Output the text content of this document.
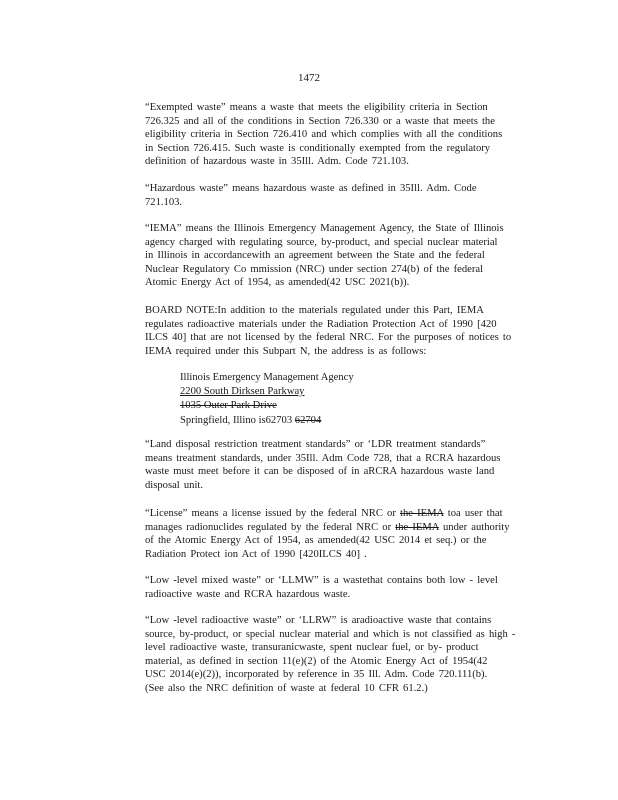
1472
“Exempted waste” means a waste that meets the eligibility criteria in Section
726.325 and all of the conditions in Section 726.330 or a waste that meets the
eligibility criteria in Section 726.410 and which complies with all the conditions
in Section 726.415. Such waste is conditionally exempted from the regulatory
definition of hazardous waste in 35Ill. Adm. Code 721.103.
“Hazardous waste” means hazardous waste as defined in 35Ill. Adm. Code
721.103.
“IEMA” means the Illinois Emergency Management Agency, the State of Illinois
agency charged with regulating source, by-product, and special nuclear material
in Illinois in accordancewith an agreement between the State and the federal
Nuclear Regulatory Co mmission (NRC) under section 274(b) of the federal
Atomic Energy Act of 1954, as amended(42 USC 2021(b)).
BOARD NOTE:In addition to the materials regulated under this Part, IEMA
regulates radioactive materials under the Radiation Protection Act of 1990 [420
ILCS 40] that are not licensed by the federal NRC. For the purposes of notices to
IEMA required under this Subpart N, the address is as follows:
Illinois Emergency Management Agency
2200 South Dirksen Parkway
1035 Outer Park Drive
Springfield, Illino is62703 62704
“Land disposal restriction treatment standards” or ‘LDR treatment standards”
means treatment standards, under 35Ill. Adm Code 728, that a RCRA hazardous
waste must meet before it can be disposed of in aRCRA hazardous waste land
disposal unit.
“License” means a license issued by the federal NRC or the IEMA toa user that
manages radionuclides regulated by the federal NRC or the IEMA under authority
of the Atomic Energy Act of 1954, as amended(42 USC 2014 et seq.) or the
Radiation Protect ion Act of 1990 [420ILCS 40] .
“Low -level mixed waste” or ‘LLMW” is a wastethat contains both low - level
radioactive waste and RCRA hazardous waste.
“Low -level radioactive waste” or ‘LLRW” is aradioactive waste that contains
source, by-product, or special nuclear material and which is not classified as high -
level radioactive waste, transuranicwaste, spent nuclear fuel, or by- product
material, as defined in section 11(e)(2) of the Atomic Energy Act of 1954(42
USC 2014(e)(2)), incorporated by reference in 35 Ill. Adm. Code 720.111(b).
(See also the NRC definition of waste at federal 10 CFR 61.2.)
